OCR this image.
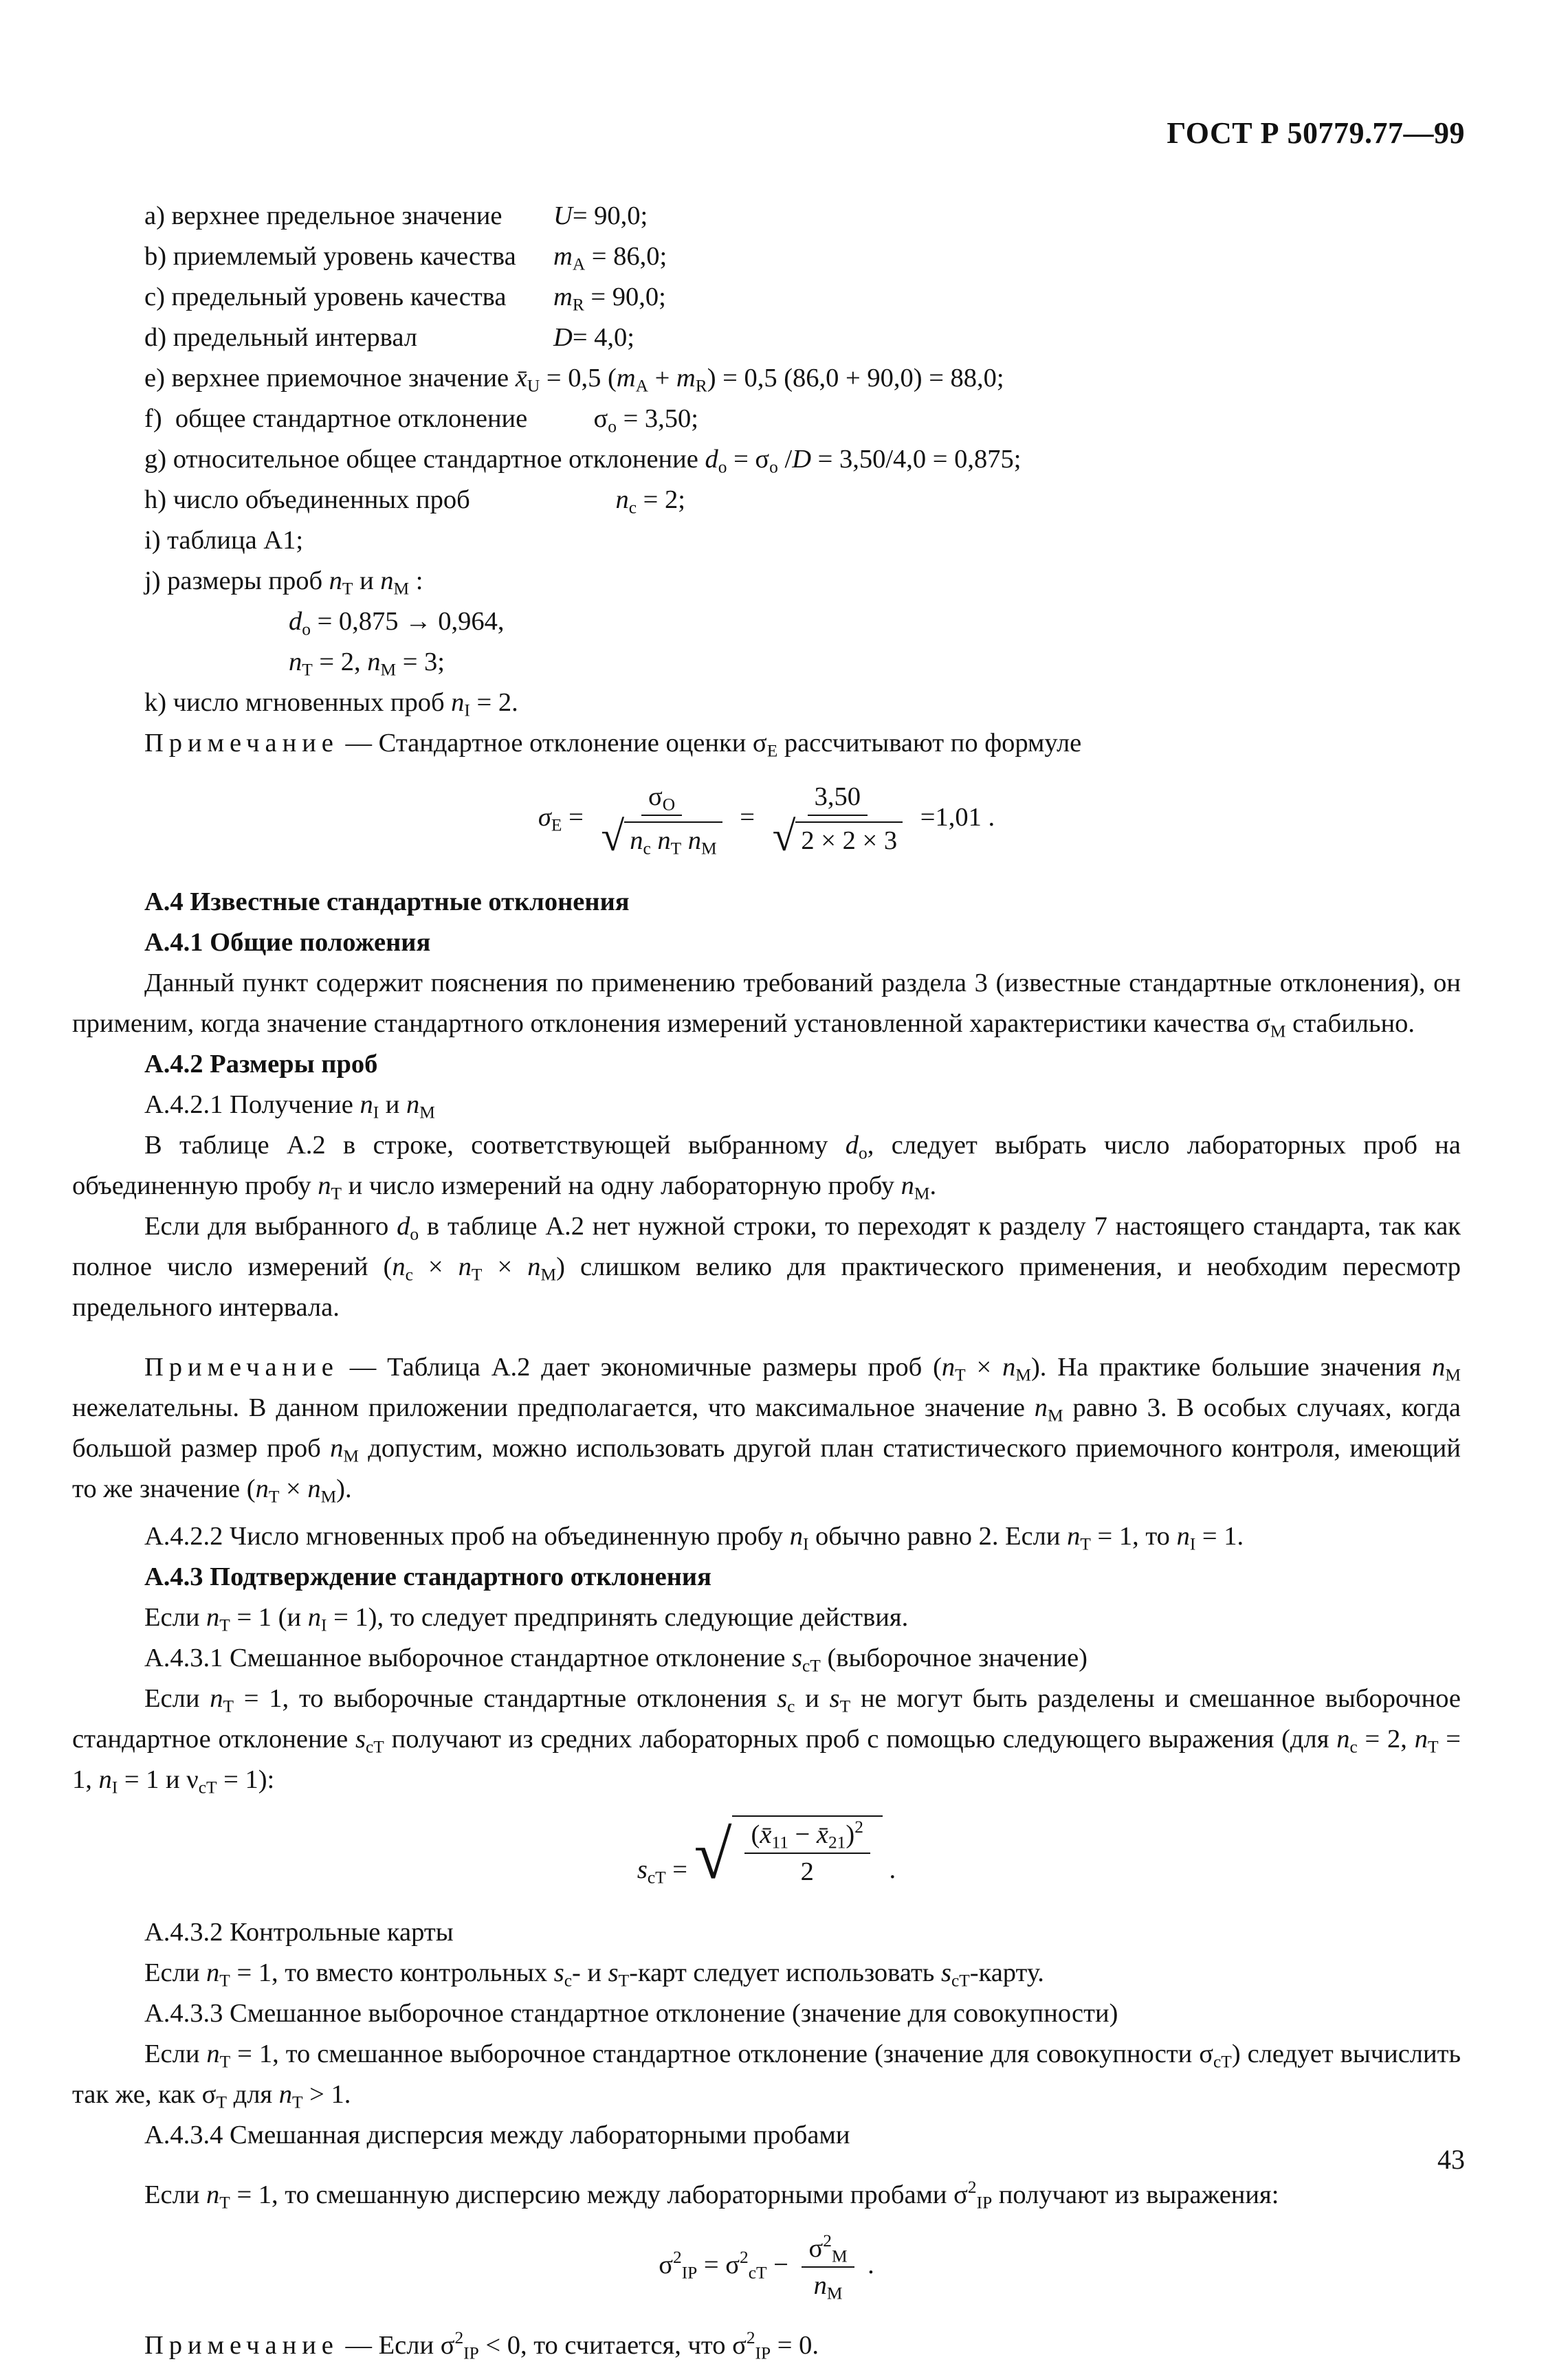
ГОСТ Р 50779.77—99
a) верхнее предельное значение	U= 90,0;
b) приемлемый уровень качества	$m_A = 86,0$;
c) предельный уровень качества	$m_R = 90,0$;
d) предельный интервал	D= 4,0;
e) верхнее приемочное значение $x̄_U = 0,5$ $(m_A + m_R) = 0,5$ (86,0 + 90,0) = 88,0;
f)  общее стандартное отклонение          $\sigma_o = 3,50$;
g) относительное общее стандартное отклонение $d_o = \sigma_o$ /D = 3,50/4,0 = 0,875;
h) число объединенных проб                      $n_c = 2$;
i) таблица A1;
j) размеры проб $n_T$ и $n_M$ :
$d_o = 0,875 \to 0,964$,
$n_T = 2$, $n_M = 3$;
k) число мгновенных проб $n_I = 2$.
Примечание — Стандартное отклонение оценки $\sigma_E$ рассчитывают по формуле
$\sigma_E = \frac{\sigma_O}{√ n_c n_T n_M} = \frac{3,50}{√ 2 \times 2 \times 3} =1,01$ .
А.4 Известные стандартные отклонения
А.4.1 Общие положения
Данный пункт содержит пояснения по применению требований раздела 3 (известные стандартные отклонения), он применим, когда значение стандартного отклонения измерений установленной характеристики качества $\sigma_M$ стабильно.
А.4.2 Размеры проб
А.4.2.1 Получение $n_I$ и $n_M$
В таблице А.2 в строке, соответствующей выбранному $d_o$, следует выбрать число лабораторных проб на объединенную пробу $n_T$ и число измерений на одну лабораторную пробу $n_M$.
Если для выбранного $d_o$ в таблице А.2 нет нужной строки, то переходят к разделу 7 настоящего стандарта, так как полное число измерений $(n_c \times n_T \times n_M)$ слишком велико для практического применения, и необходим пересмотр предельного интервала.
Примечание — Таблица А.2 дает экономичные размеры проб $(n_T \times n_M)$. На практике большие значения $n_M$ нежелательны. В данном приложении предполагается, что максимальное значение $n_M$ равно 3. В особых случаях, когда большой размер проб $n_M$ допустим, можно использовать другой план статистического приемочного контроля, имеющий то же значение $(n_T \times n_M)$.
А.4.2.2 Число мгновенных проб на объединенную пробу $n_I$ обычно равно 2. Если $n_T = 1$, то $n_I = 1$.
А.4.3 Подтверждение стандартного отклонения
Если $n_T = 1$ (и $n_I = 1$), то следует предпринять следующие действия.
А.4.3.1 Смешанное выборочное стандартное отклонение $s_{cT}$ (выборочное значение)
Если $n_T = 1$, то выборочные стандартные отклонения $s_c$ и $s_T$ не могут быть разделены и смешанное выборочное стандартное отклонение $s_{cT}$ получают из средних лабораторных проб с помощью следующего выражения (для $n_c = 2$, $n_T = 1$, $n_I = 1$ и $\nu_{cT} = 1$):
$s_{cT}$ = √ $\frac{(x̄_{11} - x̄_{21})^2}{2}$ .
А.4.3.2 Контрольные карты
Если $n_T = 1$, то вместо контрольных $s_c-$ и $s_T$-карт следует использовать $s_{cT}$-карту.
А.4.3.3 Смешанное выборочное стандартное отклонение (значение для совокупности)
Если $n_T = 1$, то смешанное выборочное стандартное отклонение (значение для совокупности $\sigma_{cT}$) следует вычислить так же, как $\sigma_T$ для $n_T > 1$.
А.4.3.4 Смешанная дисперсия между лабораторными пробами
Если $n_T = 1$, то смешанную дисперсию между лабораторными пробами $\sigma^2_{IP}$ получают из выражения:
$\sigma^2_{IP} = \sigma^2_{cT} - \frac{\sigma^2_M}{n_M}$ .
Примечание — Если $\sigma^2_{IP} < 0$, то считается, что $\sigma^2_{IP} = 0$.
43
